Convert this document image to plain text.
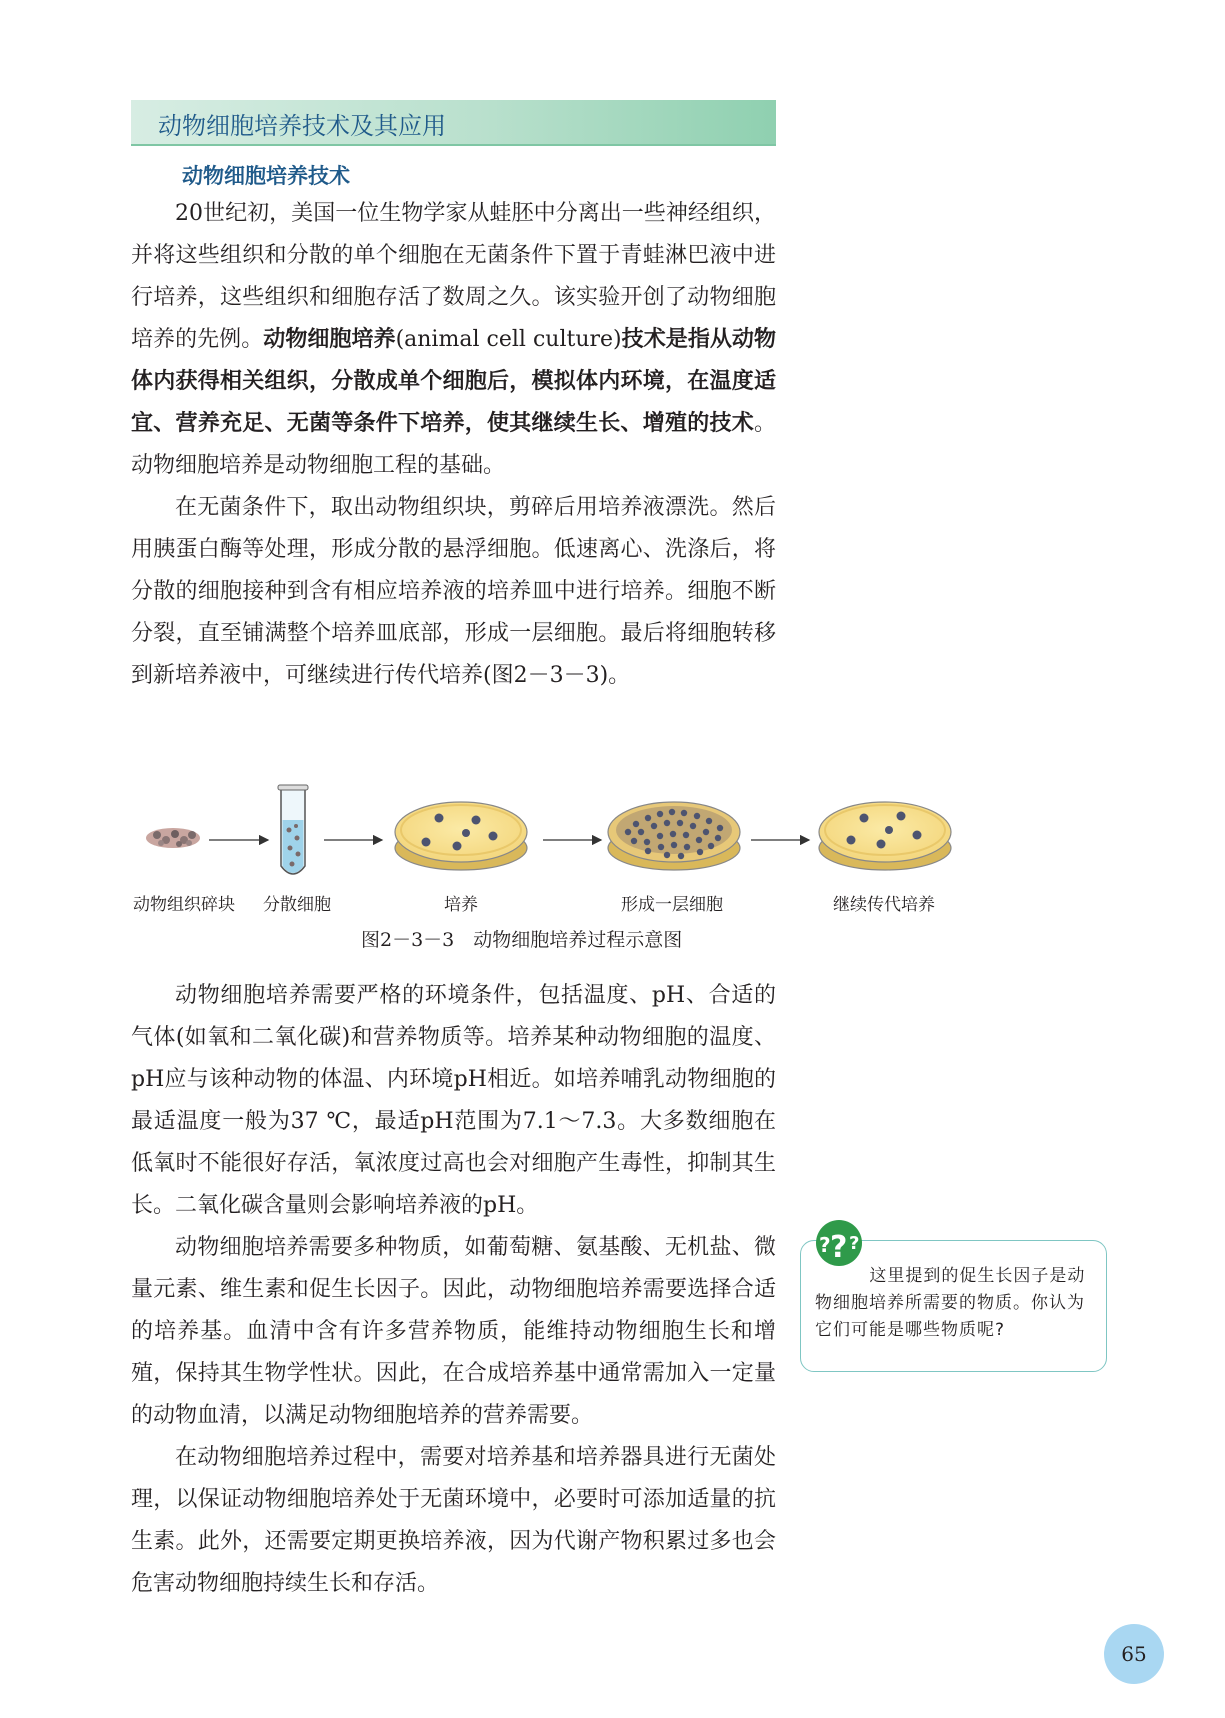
动物细胞培养技术及其应用
动物细胞培养技术

20世纪初，美国一位生物学家从蛙胚中分离出一些神经组织，并将这些组织和分散的单个细胞在无菌条件下置于青蛙淋巴液中进行培养，这些组织和细胞存活了数周之久。该实验开创了动物细胞培养的先例。动物细胞培养(animal cell culture)技术是指从动物体内获得相关组织，分散成单个细胞后，模拟体内环境，在温度适宜、营养充足、无菌等条件下培养，使其继续生长、增殖的技术。动物细胞培养是动物细胞工程的基础。

在无菌条件下，取出动物组织块，剪碎后用培养液漂洗。然后用胰蛋白酶等处理，形成分散的悬浮细胞。低速离心、洗涤后，将分散的细胞接种到含有相应培养液的培养皿中进行培养。细胞不断分裂，直至铺满整个培养皿底部，形成一层细胞。最后将细胞转移到新培养液中，可继续进行传代培养(图2－3－3)。

动物组织碎块 分散细胞	培养	形成一层细胞	继续传代培养
图2－3－3　动物细胞培养过程示意图

动物细胞培养需要严格的环境条件，包括温度、pH、合适的气体(如氧和二氧化碳)和营养物质等。培养某种动物细胞的温度、pH应与该种动物的体温、内环境pH相近。如培养哺乳动物细胞的最适温度一般为37 ℃，最适pH范围为7.1～7.3。大多数细胞在低氧时不能很好存活，氧浓度过高也会对细胞产生毒性，抑制其生长。二氧化碳含量则会影响培养液的pH。

动物细胞培养需要多种物质，如葡萄糖、氨基酸、无机盐、微量元素、维生素和促生长因子。因此，动物细胞培养需要选择合适的培养基。血清中含有许多营养物质，能维持动物细胞生长和增殖，保持其生物学性状。因此，在合成培养基中通常需加入一定量的动物血清，以满足动物细胞培养的营养需要。

在动物细胞培养过程中，需要对培养基和培养器具进行无菌处理，以保证动物细胞培养处于无菌环境中，必要时可添加适量的抗生素。此外，还需要定期更换培养液，因为代谢产物积累过多也会危害动物细胞持续生长和存活。

? ? ?
这里提到的促生长因子是动物细胞培养所需要的物质。你认为它们可能是哪些物质呢?
65
